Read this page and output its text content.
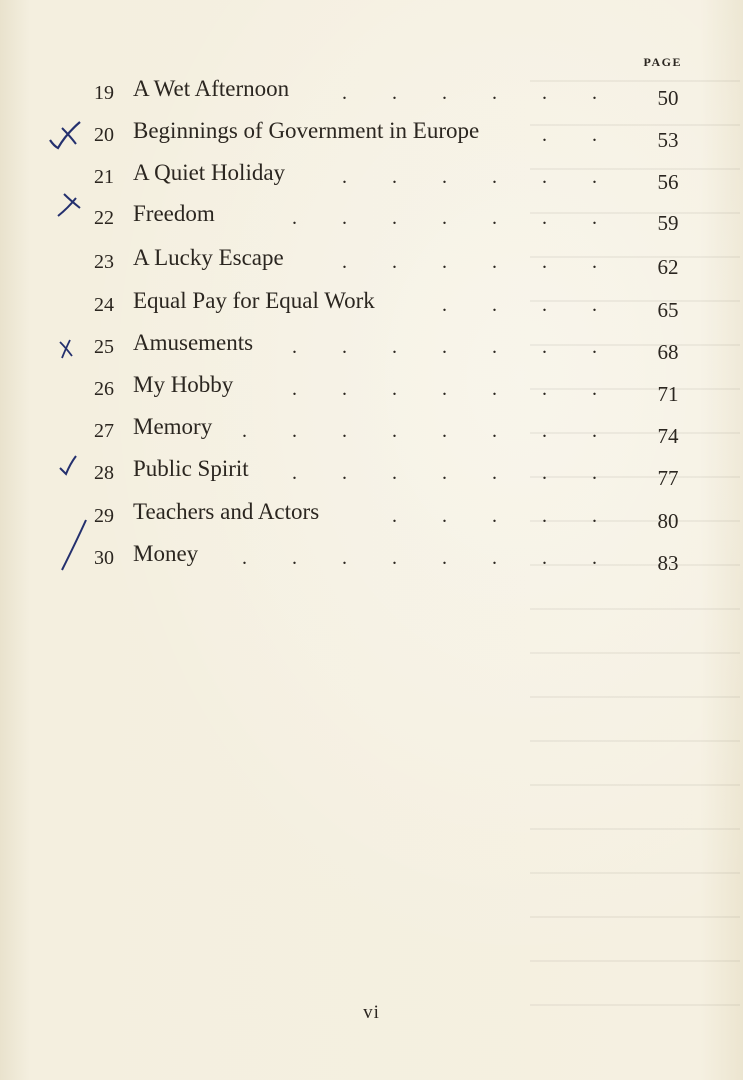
PAGE
19 A Wet Afternoon	. . . . . .	50
20 Beginnings of Government in Europe	. .	53
21 A Quiet Holiday	. . . . . .	56
22 Freedom	. . . . . . .	59
23 A Lucky Escape	. . . . . .	62
24 Equal Pay for Equal Work	. . . .	65
25 Amusements . . . . . . .	68
26 My Hobby	. . . . . . .	71
27 Memory . . . . . . . .	74
28 Public Spirit . . . . . . .	77
29 Teachers and Actors	. . . . .	80
30 Money . . . . . . . .	83
vi
